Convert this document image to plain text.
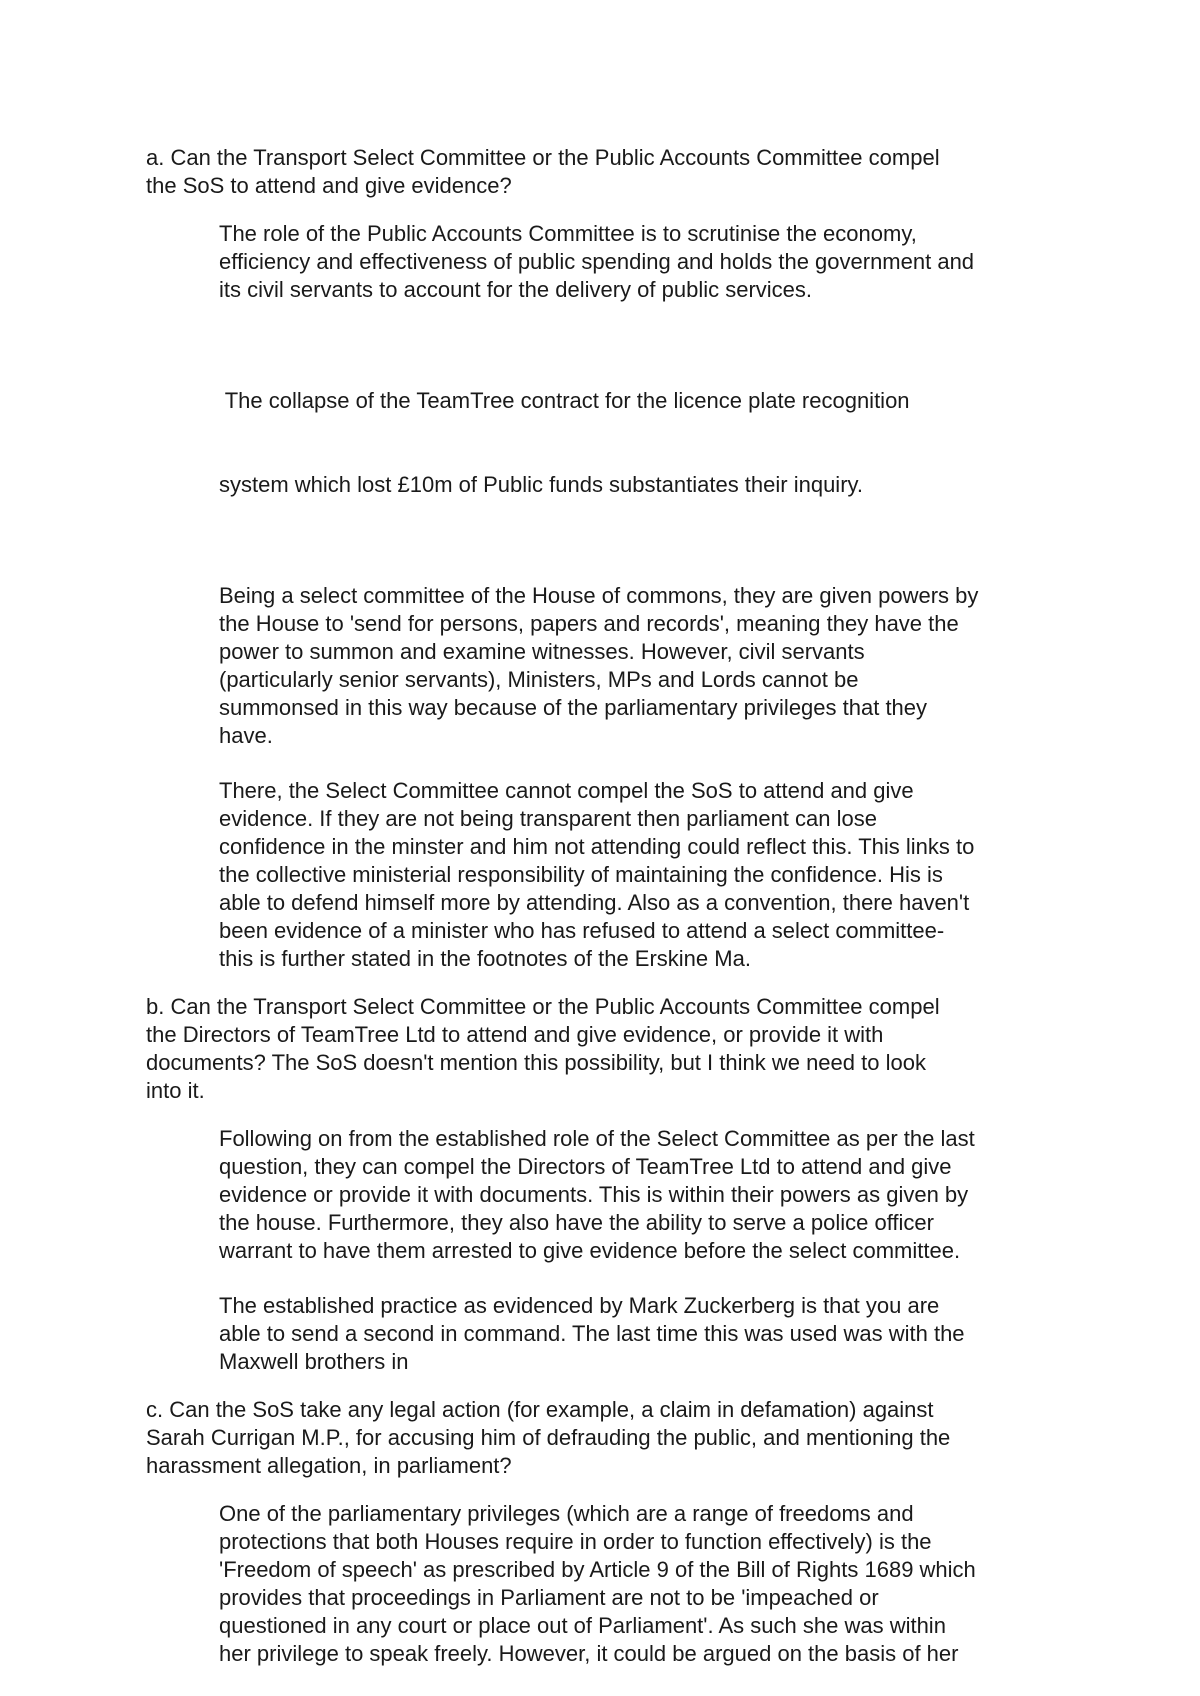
a. Can the Transport Select Committee or the Public Accounts Committee compel
the SoS to attend and give evidence?
The role of the Public Accounts Committee is to scrutinise the economy,
efficiency and effectiveness of public spending and holds the government and
its civil servants to account for the delivery of public services.

The collapse of the TeamTree contract for the licence plate recognition

system which lost £10m of Public funds substantiates their inquiry.

Being a select committee of the House of commons, they are given powers by
the House to 'send for persons, papers and records', meaning they have the
power to summon and examine witnesses. However, civil servants
(particularly senior servants), Ministers, MPs and Lords cannot be
summonsed in this way because of the parliamentary privileges that they
have.
There, the Select Committee cannot compel the SoS to attend and give
evidence. If they are not being transparent then parliament can lose
confidence in the minster and him not attending could reflect this. This links to
the collective ministerial responsibility of maintaining the confidence. His is
able to defend himself more by attending. Also as a convention, there haven't
been evidence of a minister who has refused to attend a select committee-
this is further stated in the footnotes of the Erskine Ma.
b. Can the Transport Select Committee or the Public Accounts Committee compel
the Directors of TeamTree Ltd to attend and give evidence, or provide it with
documents? The SoS doesn't mention this possibility, but I think we need to look
into it.
Following on from the established role of the Select Committee as per the last
question, they can compel the Directors of TeamTree Ltd to attend and give
evidence or provide it with documents. This is within their powers as given by
the house. Furthermore, they also have the ability to serve a police officer
warrant to have them arrested to give evidence before the select committee.
The established practice as evidenced by Mark Zuckerberg is that you are
able to send a second in command. The last time this was used was with the
Maxwell brothers in
c. Can the SoS take any legal action (for example, a claim in defamation) against
Sarah Currigan M.P., for accusing him of defrauding the public, and mentioning the
harassment allegation, in parliament?
One of the parliamentary privileges (which are a range of freedoms and
protections that both Houses require in order to function effectively) is the
'Freedom of speech' as prescribed by Article 9 of the Bill of Rights 1689 which
provides that proceedings in Parliament are not to be 'impeached or
questioned in any court or place out of Parliament'. As such she was within
her privilege to speak freely. However, it could be argued on the basis of her
